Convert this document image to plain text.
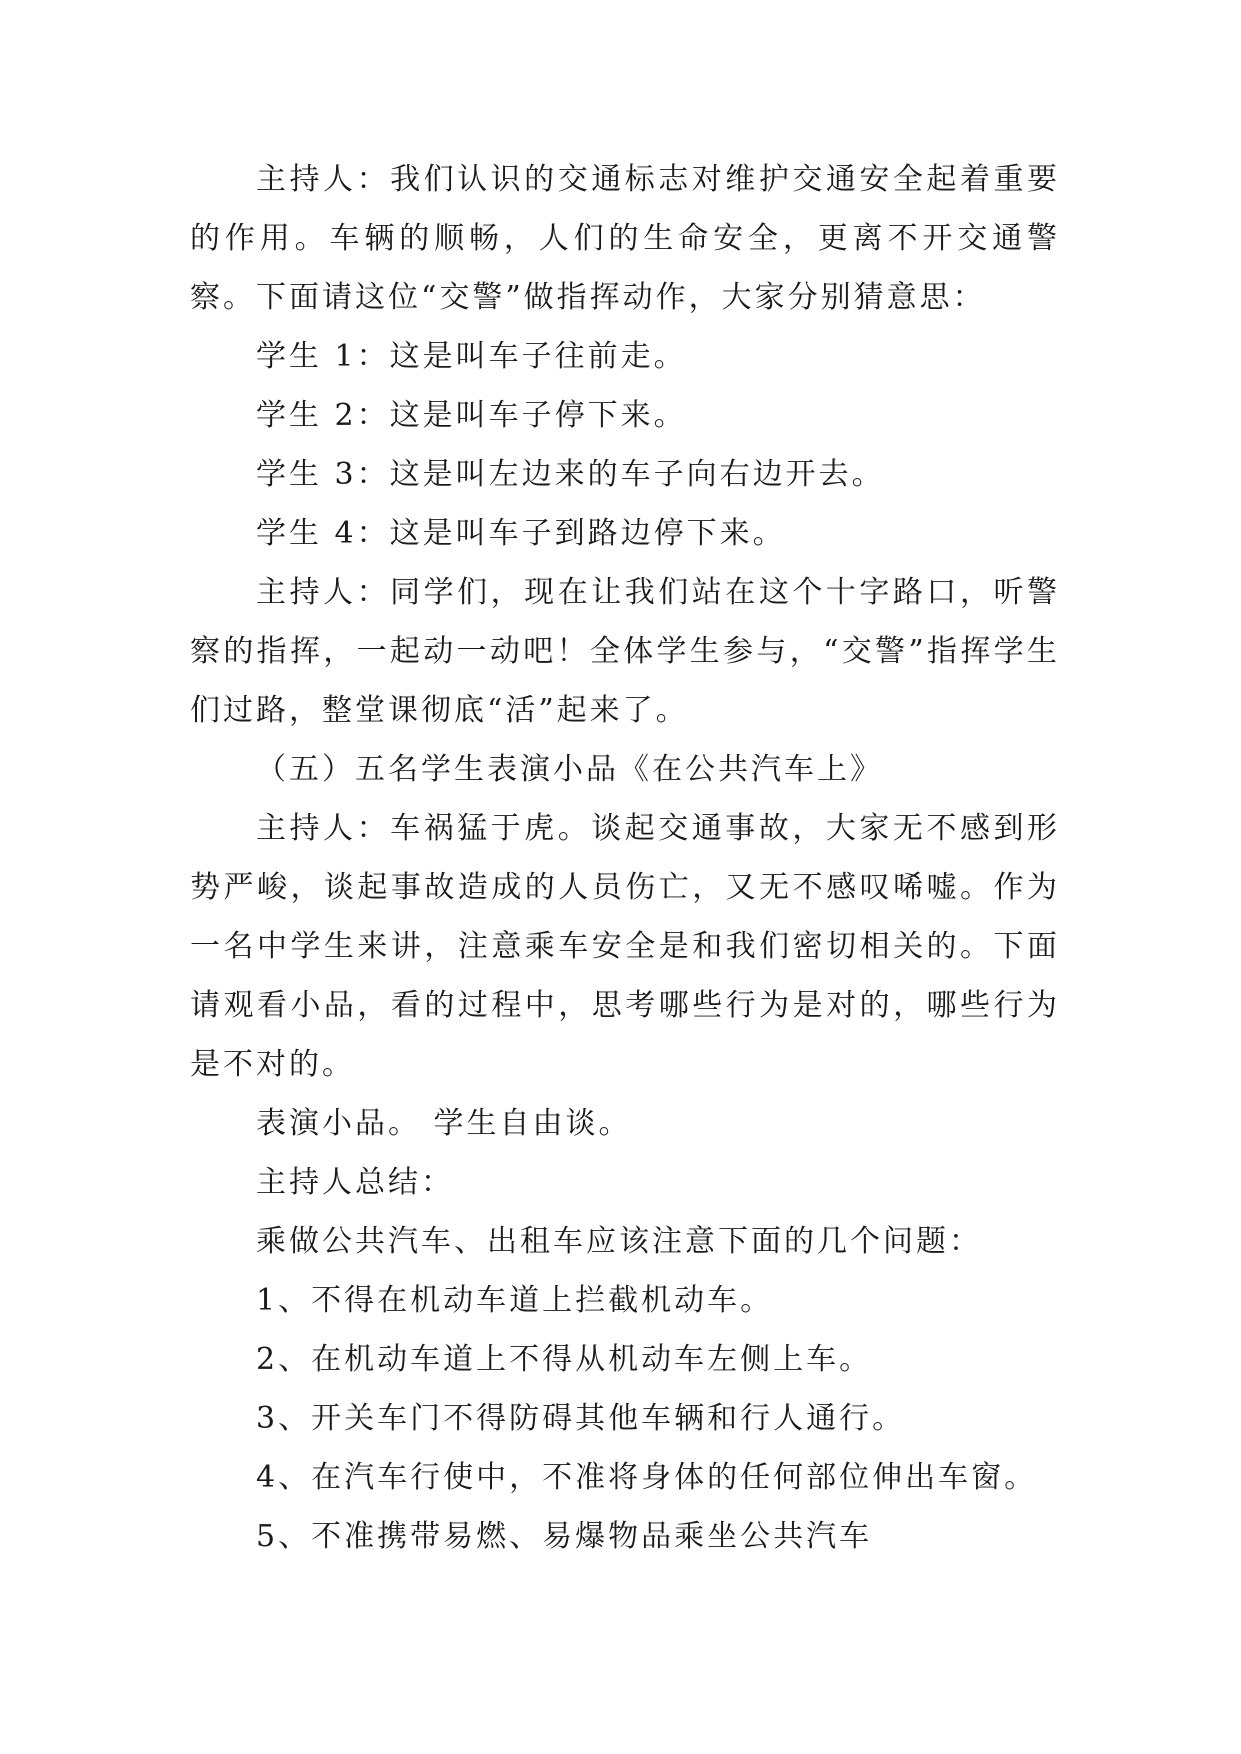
主持人：我们认识的交通标志对维护交通安全起着重要的作用。车辆的顺畅，人们的生命安全，更离不开交通警察。下面请这位“交警”做指挥动作，大家分别猜意思：

学生 1：这是叫车子往前走。

学生 2：这是叫车子停下来。

学生 3：这是叫左边来的车子向右边开去。

学生 4：这是叫车子到路边停下来。

主持人：同学们，现在让我们站在这个十字路口，听警察的指挥，一起动一动吧！全体学生参与，“交警”指挥学生们过路，整堂课彻底“活”起来了。

（五）五名学生表演小品《在公共汽车上》

主持人：车祸猛于虎。谈起交通事故，大家无不感到形势严峻，谈起事故造成的人员伤亡，又无不感叹唏嘘。作为一名中学生来讲，注意乘车安全是和我们密切相关的。下面请观看小品，看的过程中，思考哪些行为是对的，哪些行为是不对的。

表演小品。 学生自由谈。

主持人总结：

乘做公共汽车、出租车应该注意下面的几个问题：

1、不得在机动车道上拦截机动车。

2、在机动车道上不得从机动车左侧上车。

3、开关车门不得防碍其他车辆和行人通行。

4、在汽车行使中，不准将身体的任何部位伸出车窗。

5、不准携带易燃、易爆物品乘坐公共汽车
